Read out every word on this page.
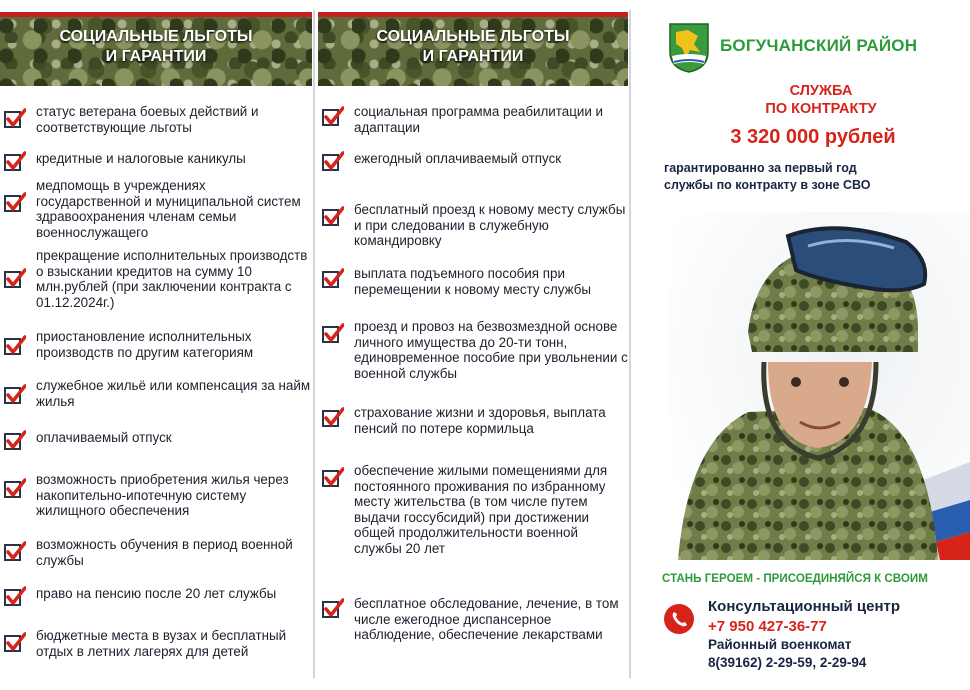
СОЦИАЛЬНЫЕ ЛЬГОТЫ
И ГАРАНТИИ
статус ветерана боевых действий и соответствующие льготы
кредитные и налоговые каникулы
медпомощь в учреждениях государственной и муниципальной систем здравоохранения членам семьи военнослужащего
прекращение исполнительных производств о взыскании кредитов на сумму 10 млн.рублей (при заключении контракта с 01.12.2024г.)
приостановление исполнительных производств по другим категориям
служебное жильё или компенсация за найм жилья
оплачиваемый отпуск
возможность приобретения жилья через накопительно-ипотечную систему жилищного обеспечения
возможность обучения в период военной службы
право на пенсию после 20 лет службы
бюджетные места в вузах и бесплатный отдых в летних лагерях для детей
СОЦИАЛЬНЫЕ ЛЬГОТЫ
И ГАРАНТИИ
социальная программа реабилитации и адаптации
ежегодный оплачиваемый отпуск
бесплатный проезд к новому месту службы и при следовании в служебную командировку
выплата подъемного пособия при перемещении к новому месту службы
проезд и провоз на безвозмездной основе личного имущества до 20-ти тонн, единовременное пособие при увольнении с военной службы
страхование жизни и здоровья, выплата пенсий по потере кормильца
обеспечение жилыми помещениями для постоянного проживания по избранному месту жительства (в том числе путем выдачи госсубсидий) при достижении общей продолжительности военной службы 20 лет
бесплатное обследование, лечение, в том числе ежегодное диспансерное наблюдение, обеспечение лекарствами
БОГУЧАНСКИЙ РАЙОН
СЛУЖБА
ПО КОНТРАКТУ
3 320 000 рублей
гарантированно за первый год
службы по контракту в зоне СВО
СТАНЬ ГЕРОЕМ - ПРИСОЕДИНЯЙСЯ К СВОИМ
Консультационный центр
+7 950 427-36-77
Районный военкомат
8(39162) 2-29-59, 2-29-94
